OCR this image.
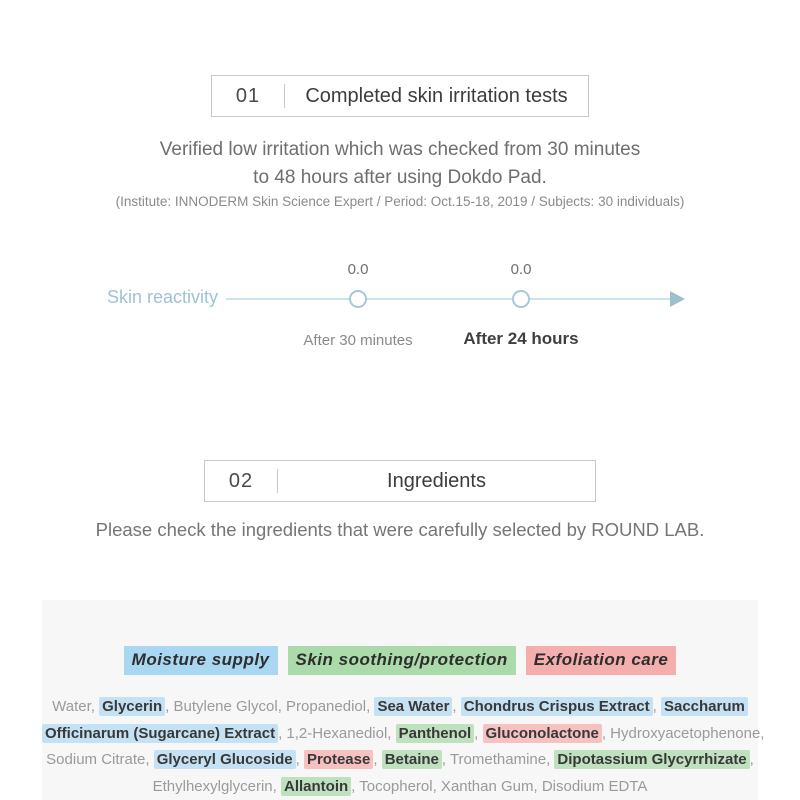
01	Completed skin irritation tests

Verified low irritation which was checked from 30 minutes
to 48 hours after using Dokdo Pad.

(Institute: INNODERM Skin Science Expert / Period: Oct.15-18, 2019 / Subjects: 30 individuals)

Skin reactivity
0.0	0.0
After 30 minutes	After 24 hours
02	Ingredients

Please check the ingredients that were carefully selected by ROUND LAB.

Moisture supply Skin soothing/protection Exfoliation care
Water, Glycerin , Butylene Glycol, Propanediol, Sea Water , Chondrus Crispus Extract , Saccharum
Officinarum (Sugarcane) Extract , 1,2-Hexanediol, Panthenol , Gluconolactone , Hydroxyacetophenone,
Sodium Citrate, Glyceryl Glucoside , Protease , Betaine , Tromethamine, Dipotassium Glycyrrhizate ,
Ethylhexylglycerin, Allantoin , Tocopherol, Xanthan Gum, Disodium EDTA
